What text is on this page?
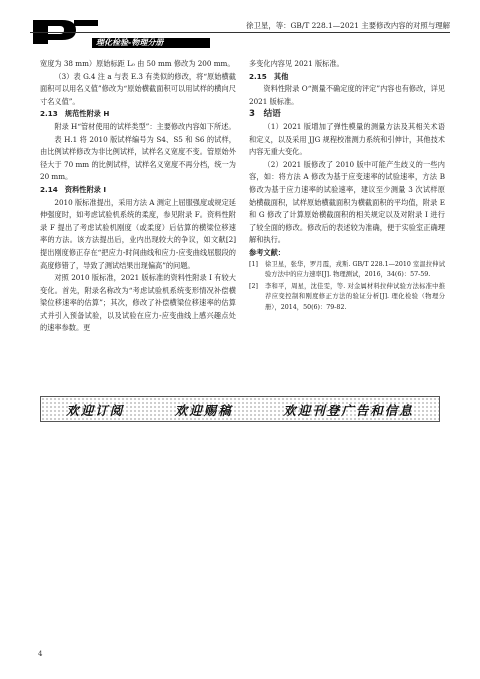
理化检验-物理分册
徐卫星，等：GB/T 228.1—2021 主要修改内容的对照与理解

宽度为 38 mm）原始标距 L₀ 由 50 mm 修改为 200 mm。

（3）表 G.4 注 a 与表 E.3 有类似的修改，将“原始横截面积可以用名义值”修改为“原始横截面积可以用试样的横向尺寸名义值”。

2.13　规范性附录 H

附录 H“管材使用的试样类型”：主要修改内容如下所述。

表 H.1 将 2010 版试样编号为 S4、S5 和 S6 的试样，由比例试样修改为非比例试样，试样名义宽度不变。管原始外径大于 70 mm 的比例试样，试样名义宽度不再分档，统一为 20 mm。

2.14　资料性附录 I

2010 版标准提出，采用方法 A 测定上屈服强度或规定延伸强度时，如考虑试验机系统的柔度，参见附录 F。资料性附录 F 提出了考虑试验机刚度（或柔度）后估算的横梁位移速率的方法。该方法提出后，业内出现较大的争议，如文献[2]提出刚度修正存在“把应力-时间曲线和应力-应变曲线屈服段的高度修错了，导致了测试结果出现偏高”的问题。

对照 2010 版标准，2021 版标准的资料性附录 I 有较大变化。首先，附录名称改为“考虑试验机系统变形情况补偿横梁位移速率的估算”；其次，修改了补偿横梁位移速率的估算式并引入预备试验，以及试验在应力-应变曲线上感兴趣点处的速率参数。更

多变化内容见 2021 版标准。

2.15　其他

资料性附录 O“测量不确定度的评定”内容也有修改，详见 2021 版标准。

3　结语

（1）2021 版增加了弹性模量的测量方法及其相关术语和定义，以及采用 JJG 规程校准测力系统和引伸计，其他技术内容无重大变化。

（2）2021 版修改了 2010 版中可能产生歧义的一些内容，如：将方法 A 修改为基于应变速率的试验速率，方法 B 修改为基于应力速率的试验速率，建议至少测量 3 次试样原始横截面积，试样原始横截面积为横截面积的平均值，附录 E 和 G 修改了计算原始横截面积的相关规定以及对附录 I 进行了较全面的修改。修改后的表述较为准确，便于实验室正确理解和执行。

参考文献：

[1]	徐卫星，张华，罗月霞，戎斯. GB/T 228.1—2010 室温拉伸试验方法中的应力速率[J]. 物理测试，2016，34(6)：57-59.
[2]	李和平，周星，沈佳雯，等. 对金属材料拉伸试验方法标准中推荐应变控制和刚度修正方法的验证分析[J]. 理化检验（物理分册），2014，50(6)：79-82.
欢迎订阅	欢迎赐稿	欢迎刊登广告和信息
4
